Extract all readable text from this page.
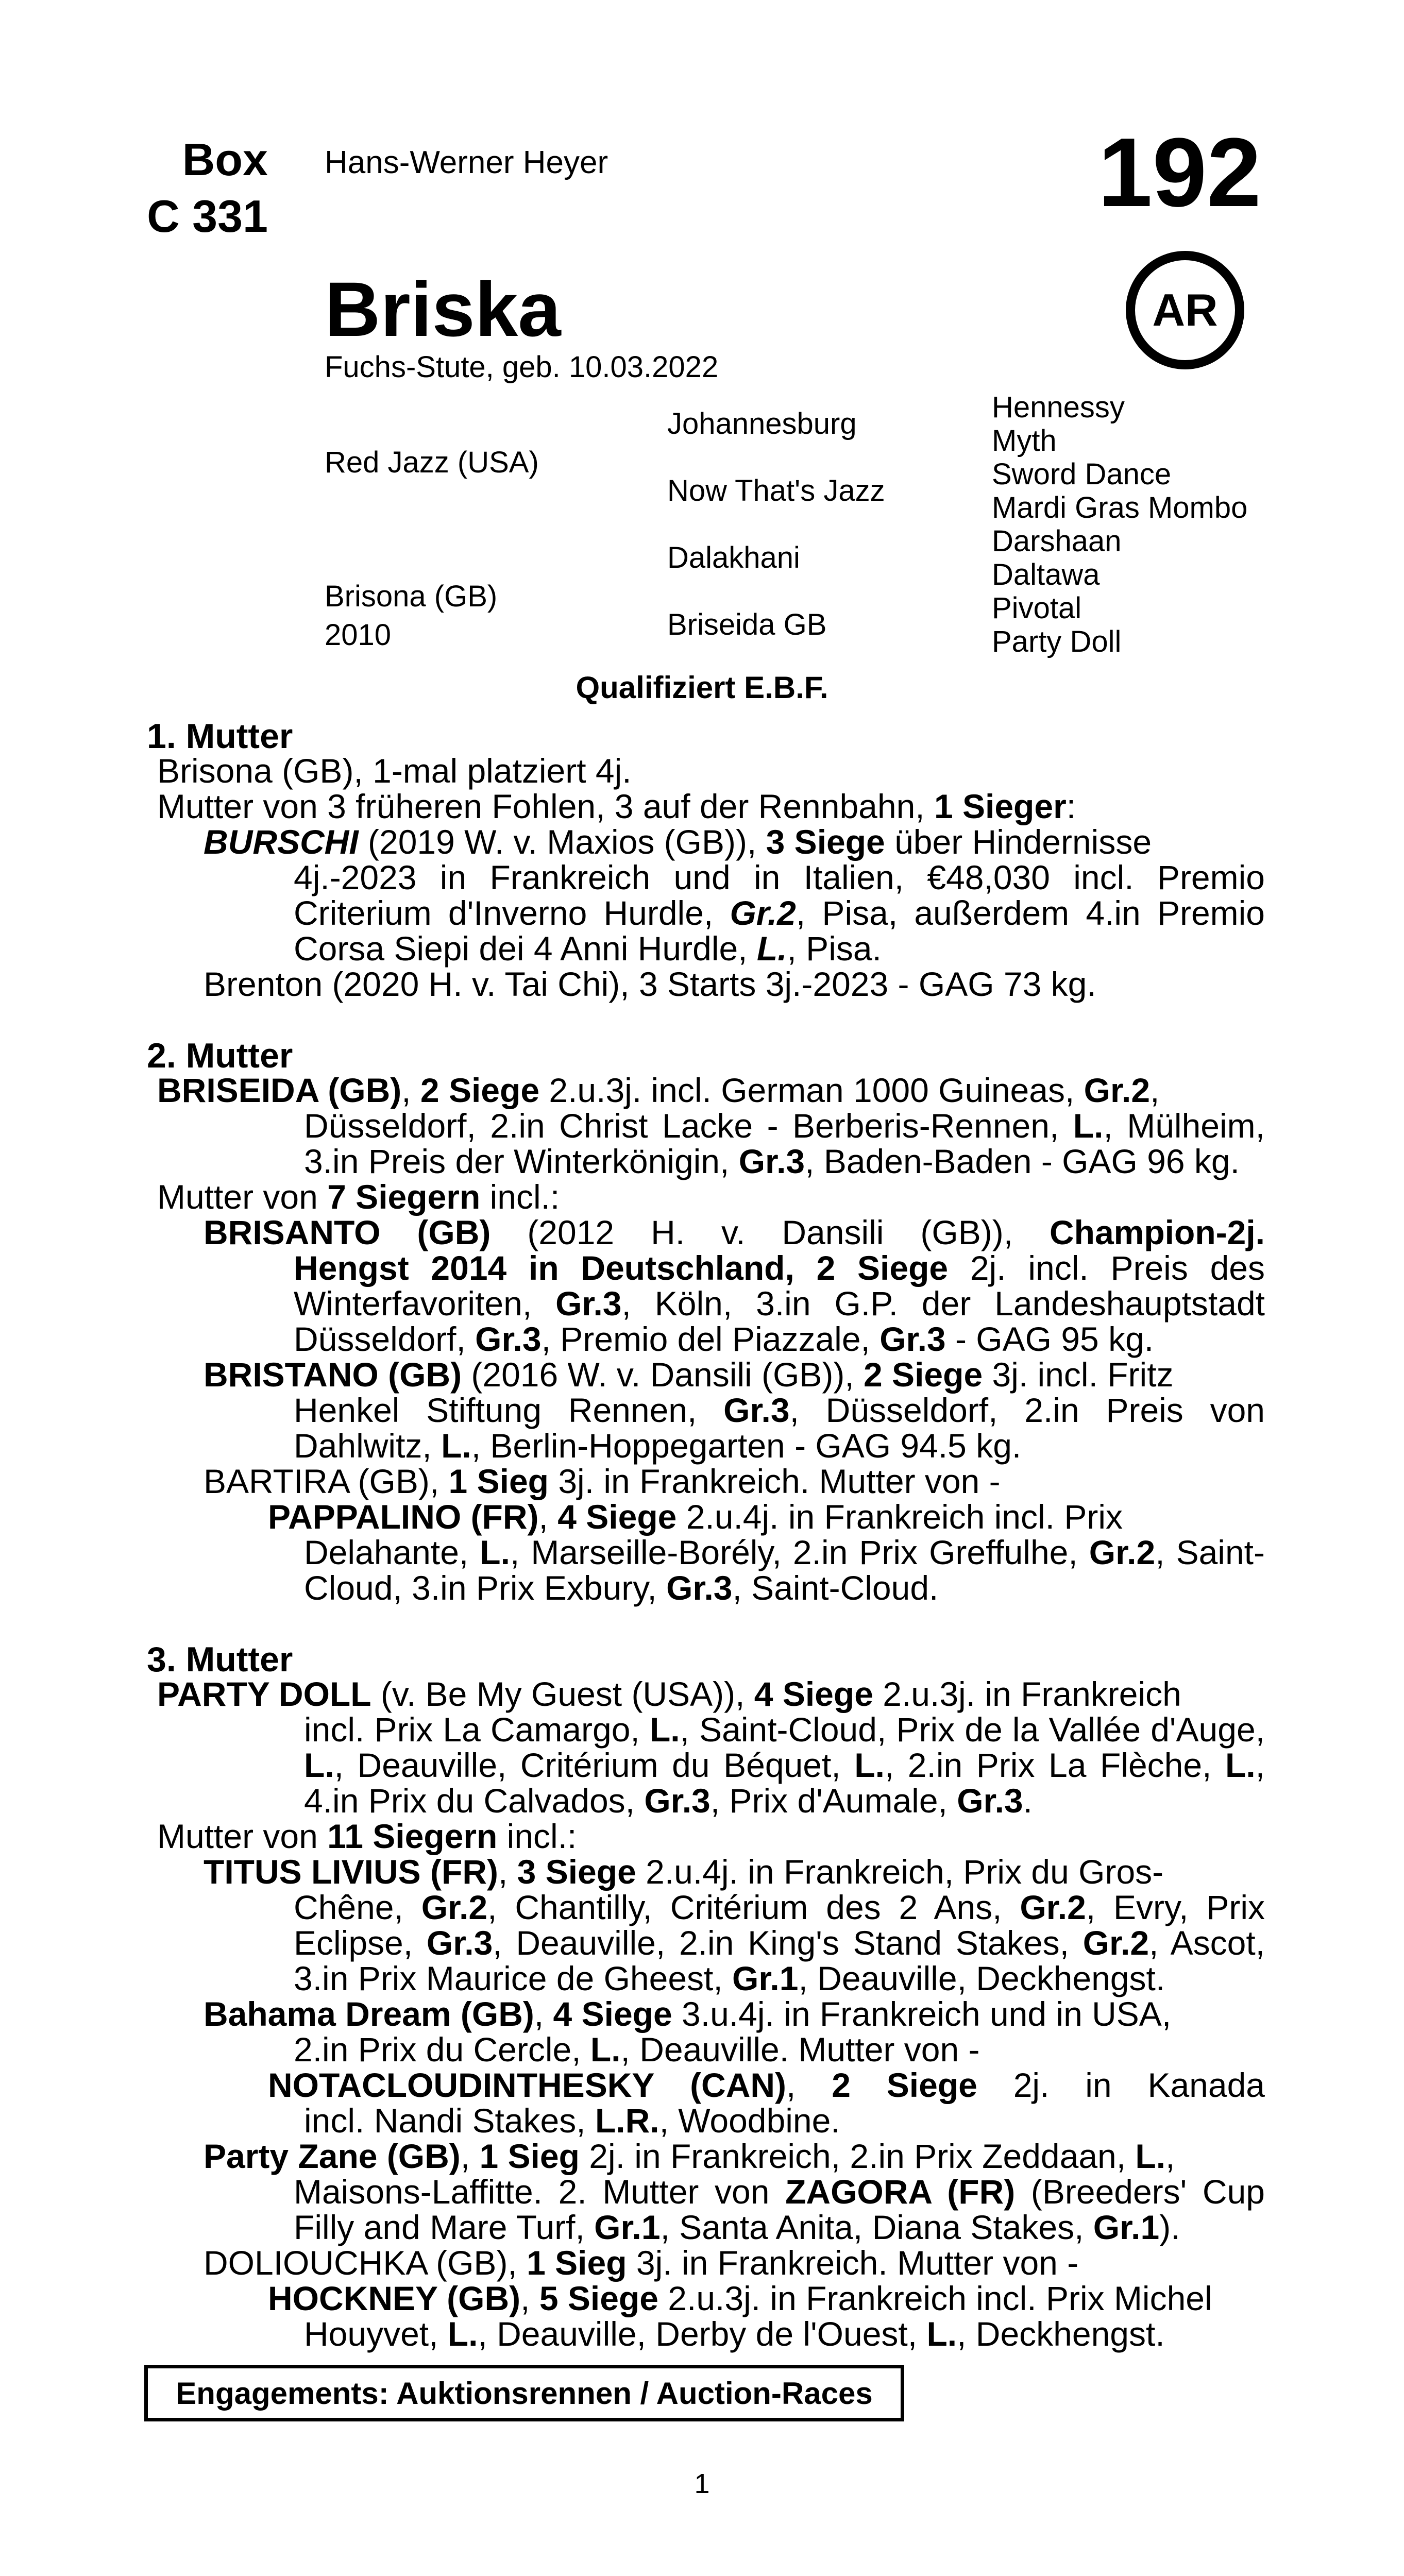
Box
C 331
Hans-Werner Heyer	192
AR
Briska
Fuchs-Stute, geb. 10.03.2022
Red Jazz (USA)
Brisona (GB)
2010
Johannesburg
Now That's Jazz
Dalakhani
Briseida GB
Hennessy
Myth
Sword Dance
Mardi Gras Mombo
Darshaan
Daltawa
Pivotal
Party Doll
Qualifiziert E.B.F.
1. Mutter
Brisona (GB), 1-mal platziert 4j.
Mutter von 3 früheren Fohlen, 3 auf der Rennbahn, 1 Sieger:
BURSCHI (2019 W. v. Maxios (GB)), 3 Siege über Hindernisse
4j.-2023 in Frankreich und in Italien, €48,030 incl. Premio Criterium d'Inverno Hurdle, Gr.2, Pisa, außerdem 4.in Premio Corsa Siepi dei 4 Anni Hurdle, L., Pisa.
Brenton (2020 H. v. Tai Chi), 3 Starts 3j.-2023 - GAG 73 kg.
2. Mutter
BRISEIDA (GB), 2 Siege 2.u.3j. incl. German 1000 Guineas, Gr.2,
Düsseldorf, 2.in Christ Lacke - Berberis-Rennen, L., Mülheim, 3.in Preis der Winterkönigin, Gr.3, Baden-Baden - GAG 96 kg.
Mutter von 7 Siegern incl.:
BRISANTO (GB) (2012 H. v. Dansili (GB)), Champion-2j.
Hengst 2014 in Deutschland, 2 Siege 2j. incl. Preis des Winterfavoriten, Gr.3, Köln, 3.in G.P. der Landeshauptstadt Düsseldorf, Gr.3, Premio del Piazzale, Gr.3 - GAG 95 kg.
BRISTANO (GB) (2016 W. v. Dansili (GB)), 2 Siege 3j. incl. Fritz
Henkel Stiftung Rennen, Gr.3, Düsseldorf, 2.in Preis von Dahlwitz, L., Berlin-Hoppegarten - GAG 94.5 kg.
BARTIRA (GB), 1 Sieg 3j. in Frankreich. Mutter von -
PAPPALINO (FR), 4 Siege 2.u.4j. in Frankreich incl. Prix
Delahante, L., Marseille-Borély, 2.in Prix Greffulhe, Gr.2, Saint-Cloud, 3.in Prix Exbury, Gr.3, Saint-Cloud.
3. Mutter
PARTY DOLL (v. Be My Guest (USA)), 4 Siege 2.u.3j. in Frankreich
incl. Prix La Camargo, L., Saint-Cloud, Prix de la Vallée d'Auge, L., Deauville, Critérium du Béquet, L., 2.in Prix La Flèche, L., 4.in Prix du Calvados, Gr.3, Prix d'Aumale, Gr.3.
Mutter von 11 Siegern incl.:
TITUS LIVIUS (FR), 3 Siege 2.u.4j. in Frankreich, Prix du Gros-
Chêne, Gr.2, Chantilly, Critérium des 2 Ans, Gr.2, Evry, Prix Eclipse, Gr.3, Deauville, 2.in King's Stand Stakes, Gr.2, Ascot, 3.in Prix Maurice de Gheest, Gr.1, Deauville, Deckhengst.
Bahama Dream (GB), 4 Siege 3.u.4j. in Frankreich und in USA,
2.in Prix du Cercle, L., Deauville. Mutter von -
NOTACLOUDINTHESKY (CAN), 2 Siege 2j. in Kanada
incl. Nandi Stakes, L.R., Woodbine.
Party Zane (GB), 1 Sieg 2j. in Frankreich, 2.in Prix Zeddaan, L.,
Maisons-Laffitte. 2. Mutter von ZAGORA (FR) (Breeders' Cup Filly and Mare Turf, Gr.1, Santa Anita, Diana Stakes, Gr.1).
DOLIOUCHKA (GB), 1 Sieg 3j. in Frankreich. Mutter von -
HOCKNEY (GB), 5 Siege 2.u.3j. in Frankreich incl. Prix Michel
Houyvet, L., Deauville, Derby de l'Ouest, L., Deckhengst.
Engagements: Auktionsrennen / Auction-Races
1
